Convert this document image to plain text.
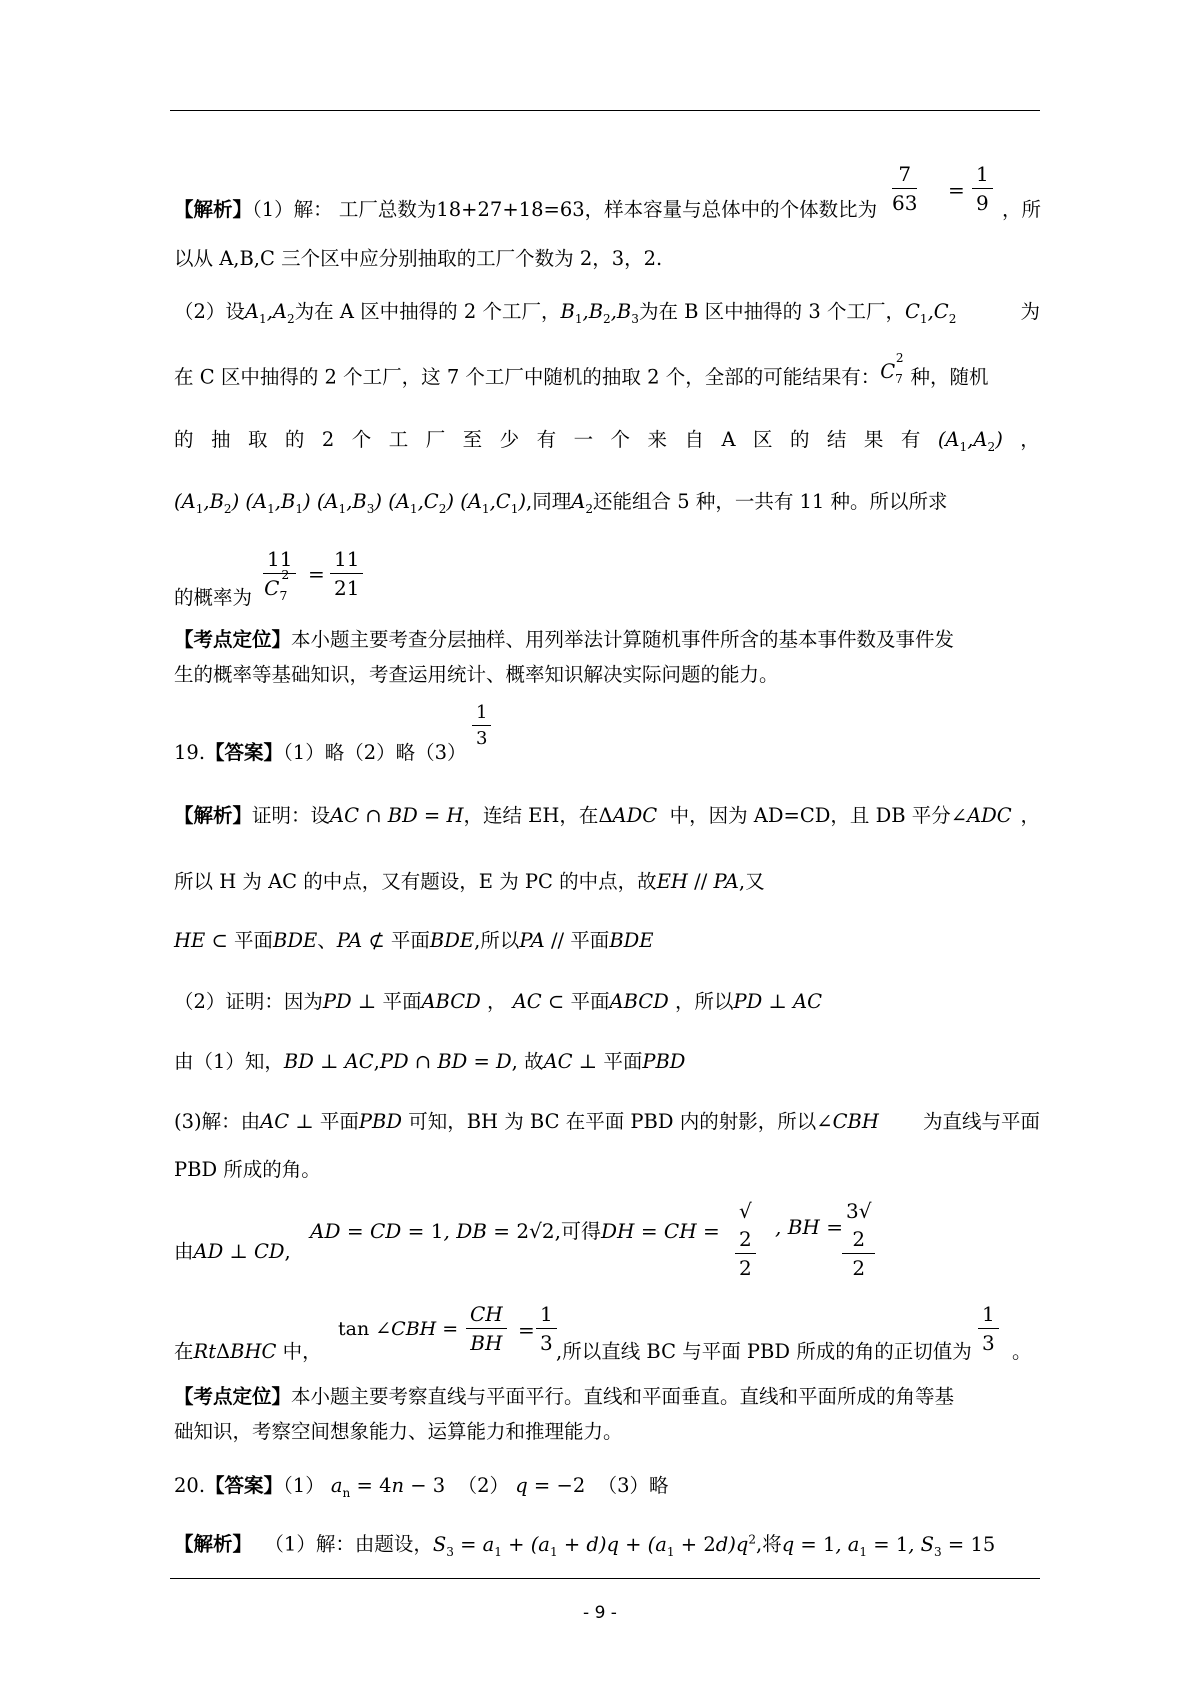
7
63
=
1
9
【解析】（1）解： 工厂总数为18+27+18=63，样本容量与总体中的个体数比为	，所
以从 A,B,C 三个区中应分别抽取的工厂个数为 2，3，2.
（2）设$A_1,A_2$为在 A 区中抽得的 2 个工厂，$B_1,B_2,B_3$为在 B 区中抽得的 3 个工厂，$C_1,C_2$	为
在 C 区中抽得的 2 个工厂，这 7 个工厂中随机的抽取 2 个，全部的可能结果有：$C_7^2$种，随机
的 抽 取 的 2 个 工 厂 至 少 有 一 个 来 自 A 区 的 结 果 有 $(A_1,A_2)$ ，
$(A_1,B_2)$ $(A_1,B_1)$ $(A_1,B_3)$ $(A_1,C_2)$ $(A_1,C_1)$,同理$A_2$还能组合 5 种，一共有 11 种。所以所求
的概率为
11
$C_7^2$ =
11
21
【考点定位】本小题主要考查分层抽样、用列举法计算随机事件所含的基本事件数及事件发
生的概率等基础知识，考查运用统计、概率知识解决实际问题的能力。
1
3
19.【答案】（1）略（2）略（3）
【解析】证明：设AC ∩ BD = H，连结 EH，在ΔADC 中，因为 AD=CD，且 DB 平分∠ADC ，
所以 H 为 AC 的中点，又有题设，E 为 PC 的中点，故EH // PA,又
HE ⊂ 平面BDE、PA ⊄ 平面BDE,所以PA // 平面BDE
（2）证明：因为PD ⊥ 平面ABCD ， AC ⊂ 平面ABCD ，所以PD ⊥ AC
由（1）知，BD ⊥ AC,PD ∩ BD = D, 故AC ⊥ 平面PBD
(3)解：由AC ⊥ 平面PBD 可知，BH 为 BC 在平面 PBD 内的射影，所以∠CBH	为直线与平面
PBD 所成的角。
由AD ⊥ CD,
AD = CD = 1, DB = 2√2,可得DH = CH =
√
2
2
, BH =
3√
2
2
在RtΔBHC 中，
tan ∠CBH =
CH
BH
=
1
3 ,所以直线 BC 与平面 PBD 所成的角的正切值为
1
3 。
【考点定位】本小题主要考察直线与平面平行。直线和平面垂直。直线和平面所成的角等基
础知识，考察空间想象能力、运算能力和推理能力。
20.【答案】（1） $a_n = 4n - 3$ （2） q = −2 （3）略
【解析】 （1）解：由题设，$S_3 = a_1 + (a_1 + d)q + (a_1 + 2d)q^2$,将q = 1, $a_1 = 1$, $S_3 = 15$
- 9 -
